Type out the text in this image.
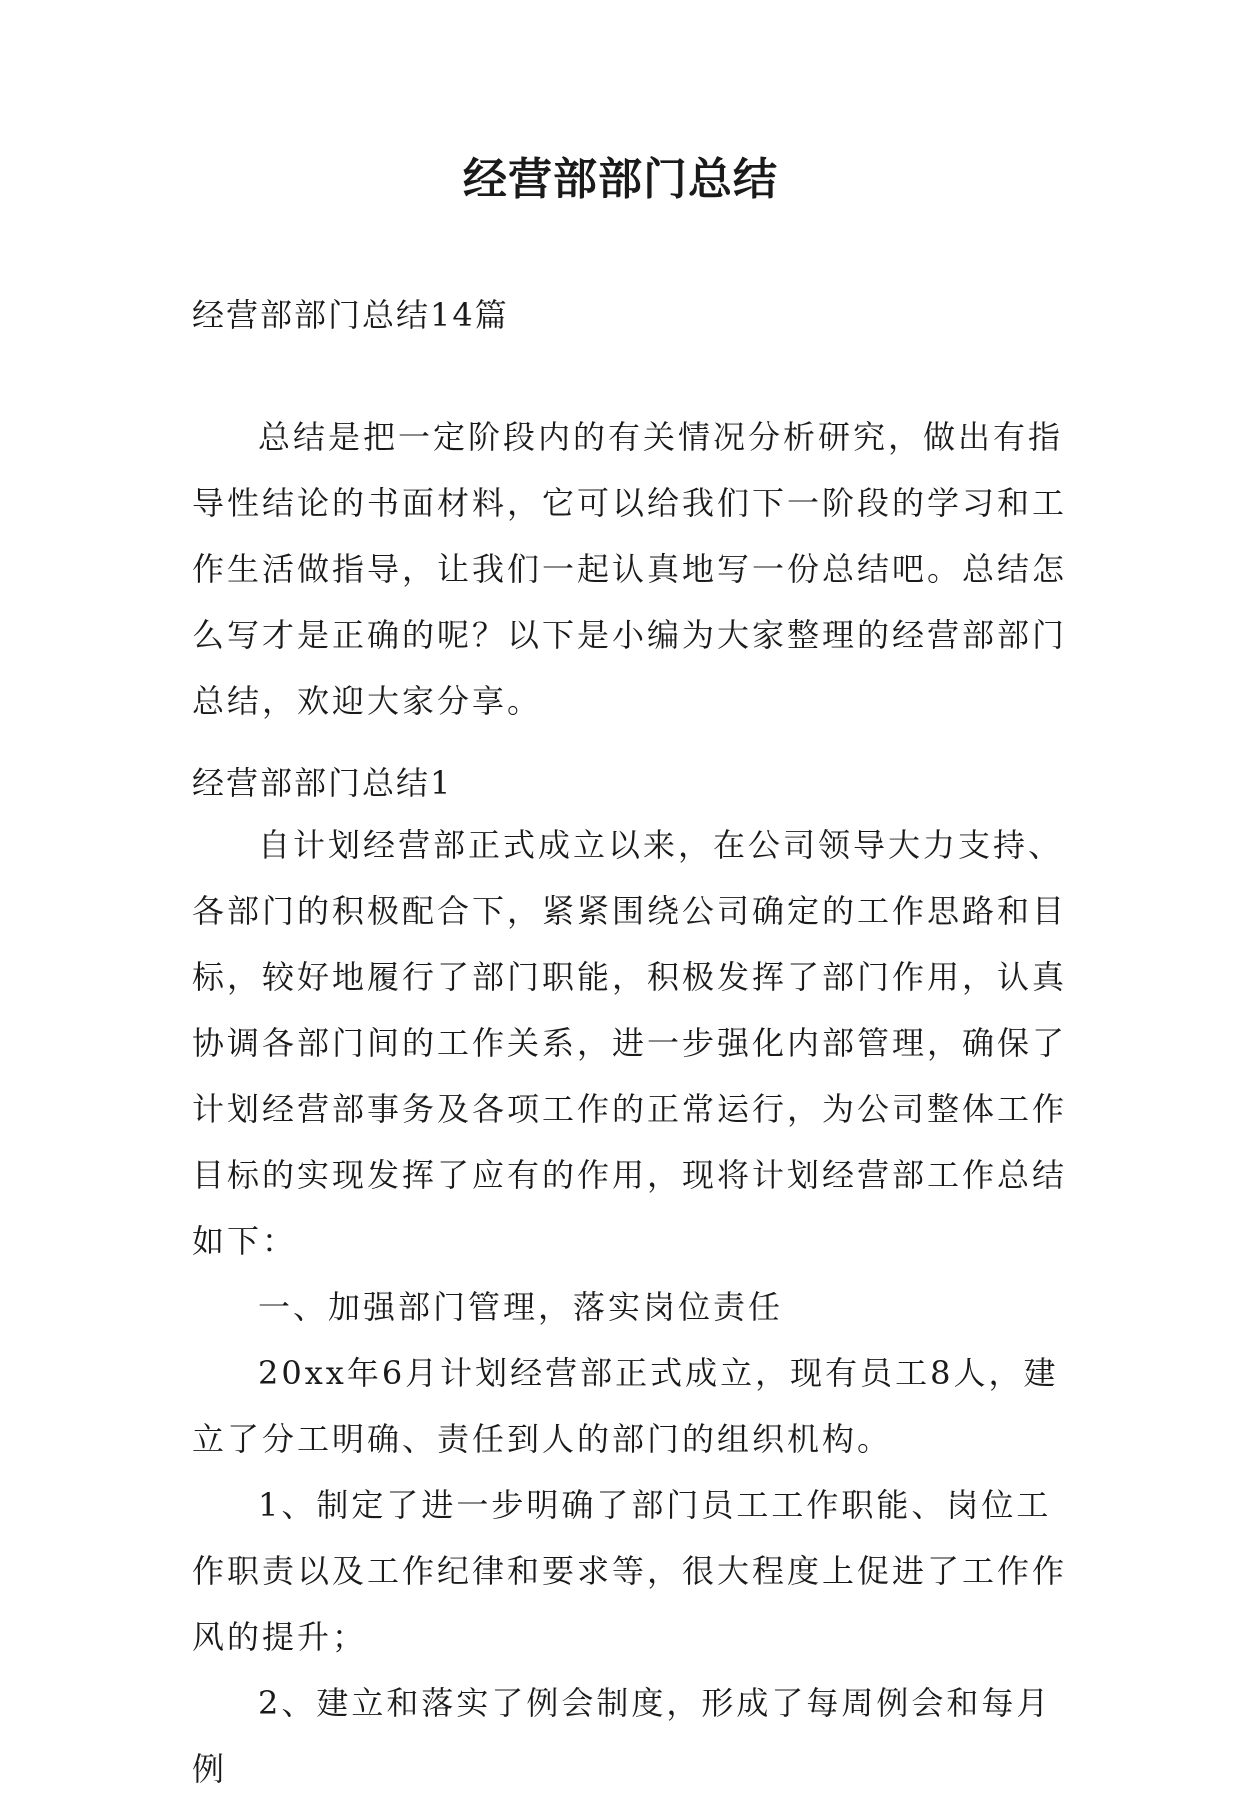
经营部部门总结

经营部部门总结14篇

总结是把一定阶段内的有关情况分析研究，做出有指导性结论的书面材料，它可以给我们下一阶段的学习和工作生活做指导，让我们一起认真地写一份总结吧。总结怎么写才是正确的呢？以下是小编为大家整理的经营部部门总结，欢迎大家分享。

经营部部门总结1

自计划经营部正式成立以来，在公司领导大力支持、各部门的积极配合下，紧紧围绕公司确定的工作思路和目标，较好地履行了部门职能，积极发挥了部门作用，认真协调各部门间的工作关系，进一步强化内部管理，确保了计划经营部事务及各项工作的正常运行，为公司整体工作目标的实现发挥了应有的作用，现将计划经营部工作总结如下：

一、加强部门管理，落实岗位责任

20xx年6月计划经营部正式成立，现有员工8人，建立了分工明确、责任到人的部门的组织机构。

1、制定了进一步明确了部门员工工作职能、岗位工作职责以及工作纪律和要求等，很大程度上促进了工作作风的提升；

2、建立和落实了例会制度，形成了每周例会和每月例
